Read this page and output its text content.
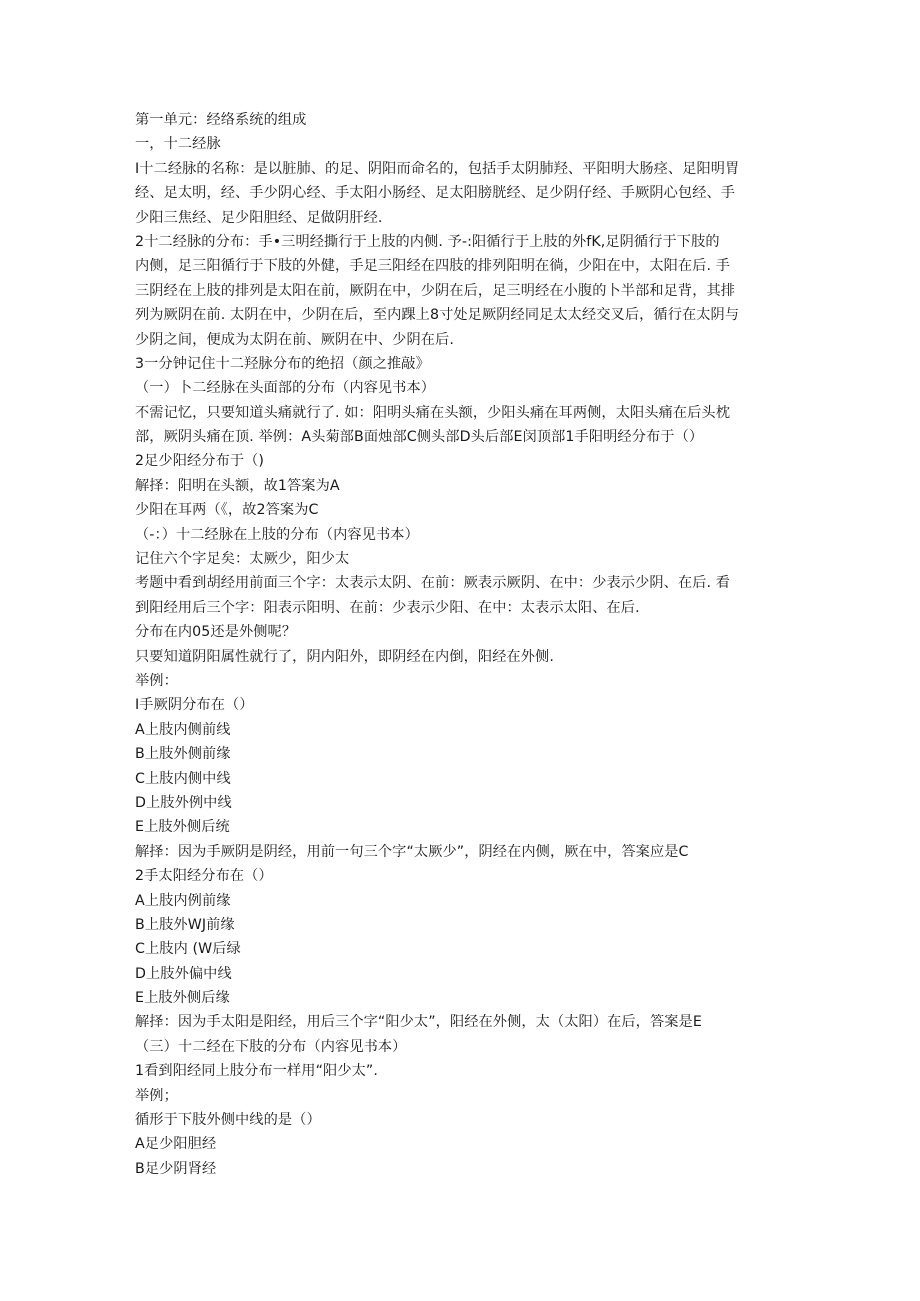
第一单元：经络系统的组成
一，十二经脉
I十二经脉的名称：是以脏肺、的足、阴阳而命名的，包括手太阴肺羟、平阳明大肠痉、足阳明胃
经、足太明，经、手少阴心经、手太阳小肠经、足太阳膀胱经、足少阴仔经、手厥阴心包经、手
少阳三焦经、足少阳胆经、足做阴肝经.
2十二经脉的分布：手•三明经撕行于上肢的内侧. 予-:阳循行于上肢的外fK,足阴循行于下肢的
内侧，足三阳循行于下肢的外健，手足三阳经在四肢的排列阳明在徜，少阳在中，太阳在后. 手
三阴经在上肢的排列是太阳在前，厥阴在中，少阴在后，足三明经在小腹的卜半部和足背，其排
列为厥阴在前. 太阴在中，少阴在后，至内踝上8寸处足厥阴经同足太太经交叉后，循行在太阴与
少阴之间，便成为太阴在前、厥阴在中、少阴在后.
3一分钟记住十二羟脉分布的绝招（颜之推敲》
（一）卜二经脉在头面部的分布（内容见书本）
不需记忆，只要知道头痛就行了. 如：阳明头痛在头额，少阳头痛在耳两侧，太阳头痛在后头枕
部，厥阴头痛在顶. 举例：A头菊部B面烛部C侧头部D头后部E闵顶部1手阳明经分布于（）
2足少阳经分布于（)
解择：阳明在头额，故1答案为A
少阳在耳两（《，故2答案为C
（-：）十二经脉在上肢的分布（内容见书本）
记住六个字足矣：太厥少，阳少太
考题中看到胡经用前面三个字：太表示太阴、在前：厥表示厥阴、在中：少表示少阴、在后. 看
到阳经用后三个字：阳表示阳明、在前：少表示少阳、在中：太表示太阳、在后.
分布在内05还是外侧呢？
只要知道阴阳属性就行了，阴内阳外，即阴经在内倒，阳经在外侧.
举例：
I手厥阴分布在（）
A上肢内侧前线
B上肢外侧前缘
C上肢内侧中线
D上肢外例中线
E上肢外侧后统
解择：因为手厥阴是阴经，用前一句三个字“太厥少”，阴经在内侧，厥在中，答案应是C
2手太阳经分布在（）
A上肢内例前缘
B上肢外WJ前缘
C上肢内 (W后绿
D上肢外偏中线
E上肢外侧后缘
解择：因为手太阳是阳经，用后三个字“阳少太”，阳经在外侧，太（太阳）在后，答案是E
（三）十二经在下肢的分布（内容见书本）
1看到阳经同上肢分布一样用“阳少太”.
举例；
循形于下肢外侧中线的是（）
A足少阳胆经
B足少阴肾经
